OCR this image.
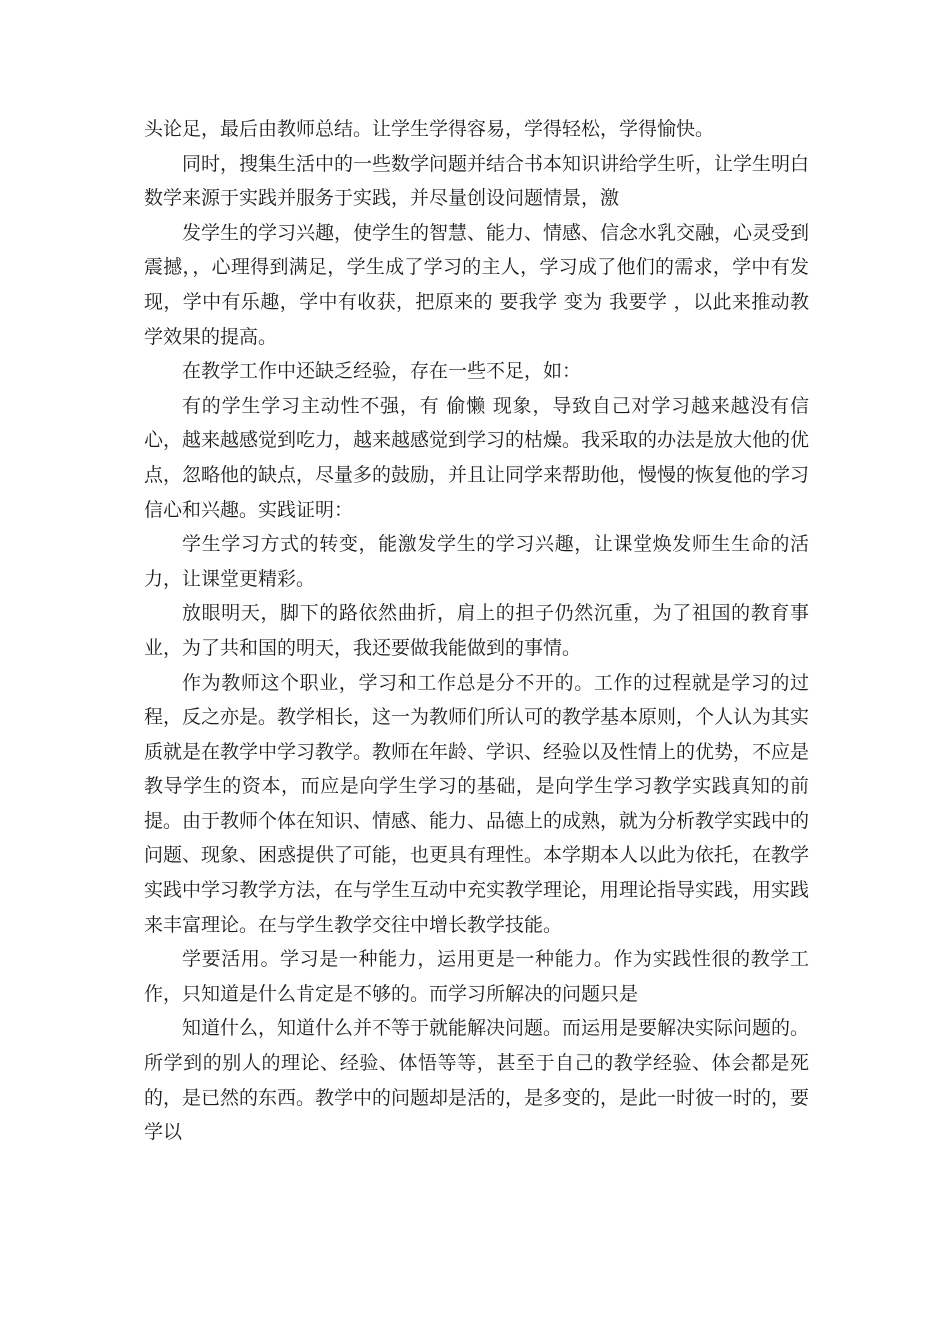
头论足，最后由教师总结。让学生学得容易，学得轻松，学得愉快。

同时，搜集生活中的一些数学问题并结合书本知识讲给学生听，让学生明白数学来源于实践并服务于实践，并尽量创设问题情景，激

发学生的学习兴趣，使学生的智慧、能力、情感、信念水乳交融，心灵受到震撼，，心理得到满足，学生成了学习的主人，学习成了他们的需求，学中有发现，学中有乐趣，学中有收获，把原来的 要我学 变为 我要学 ，以此来推动教学效果的提高。

在教学工作中还缺乏经验，存在一些不足，如：

有的学生学习主动性不强，有 偷懒 现象，导致自己对学习越来越没有信心，越来越感觉到吃力，越来越感觉到学习的枯燥。我采取的办法是放大他的优点，忽略他的缺点，尽量多的鼓励，并且让同学来帮助他，慢慢的恢复他的学习信心和兴趣。实践证明：

学生学习方式的转变，能激发学生的学习兴趣，让课堂焕发师生生命的活力，让课堂更精彩。

放眼明天，脚下的路依然曲折，肩上的担子仍然沉重，为了祖国的教育事业，为了共和国的明天，我还要做我能做到的事情。

作为教师这个职业，学习和工作总是分不开的。工作的过程就是学习的过程，反之亦是。教学相长，这一为教师们所认可的教学基本原则，个人认为其实质就是在教学中学习教学。教师在年龄、学识、经验以及性情上的优势，不应是教导学生的资本，而应是向学生学习的基础，是向学生学习教学实践真知的前提。由于教师个体在知识、情感、能力、品德上的成熟，就为分析教学实践中的问题、现象、困惑提供了可能，也更具有理性。本学期本人以此为依托，在教学实践中学习教学方法，在与学生互动中充实教学理论，用理论指导实践，用实践来丰富理论。在与学生教学交往中增长教学技能。

学要活用。学习是一种能力，运用更是一种能力。作为实践性很的教学工作，只知道是什么肯定是不够的。而学习所解决的问题只是

知道什么，知道什么并不等于就能解决问题。而运用是要解决实际问题的。所学到的别人的理论、经验、体悟等等，甚至于自己的教学经验、体会都是死的，是已然的东西。教学中的问题却是活的，是多变的，是此一时彼一时的，要学以
